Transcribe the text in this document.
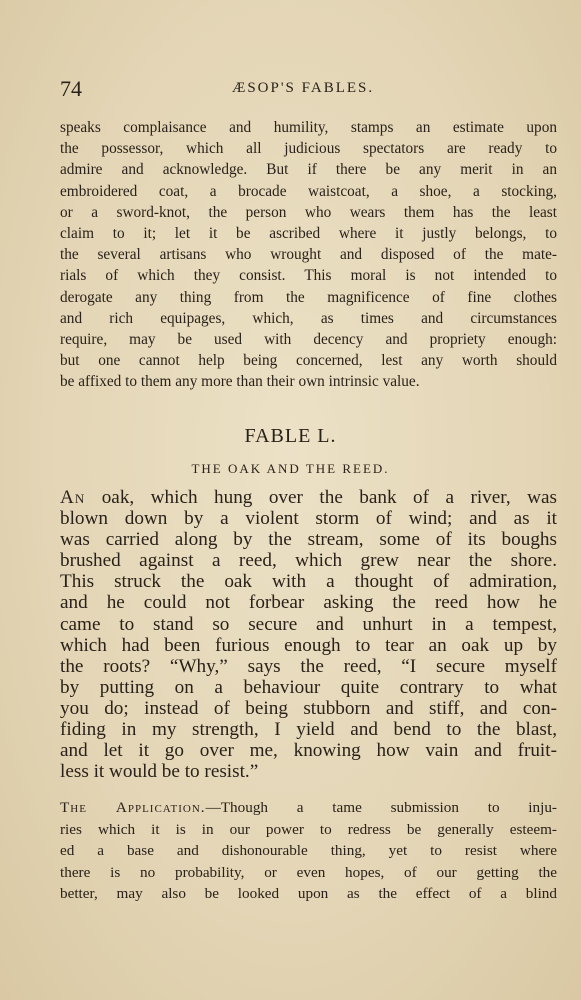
74	ÆSOP'S FABLES.
speaks complaisance and humility, stamps an estimate upon
the possessor, which all judicious spectators are ready to
admire and acknowledge. But if there be any merit in an
embroidered coat, a brocade waistcoat, a shoe, a stocking,
or a sword-knot, the person who wears them has the least
claim to it; let it be ascribed where it justly belongs, to
the several artisans who wrought and disposed of the mate-
rials of which they consist. This moral is not intended to
derogate any thing from the magnificence of fine clothes
and rich equipages, which, as times and circumstances
require, may be used with decency and propriety enough:
but one cannot help being concerned, lest any worth should
be affixed to them any more than their own intrinsic value.
FABLE L.
THE OAK AND THE REED.
An oak, which hung over the bank of a river, was
blown down by a violent storm of wind; and as it
was carried along by the stream, some of its boughs
brushed against a reed, which grew near the shore.
This struck the oak with a thought of admiration,
and he could not forbear asking the reed how he
came to stand so secure and unhurt in a tempest,
which had been furious enough to tear an oak up by
the roots? “Why,” says the reed, “I secure myself
by putting on a behaviour quite contrary to what
you do; instead of being stubborn and stiff, and con-
fiding in my strength, I yield and bend to the blast,
and let it go over me, knowing how vain and fruit-
less it would be to resist.”
The Application.—Though a tame submission to inju-
ries which it is in our power to redress be generally esteem-
ed a base and dishonourable thing, yet to resist where
there is no probability, or even hopes, of our getting the
better, may also be looked upon as the effect of a blind
